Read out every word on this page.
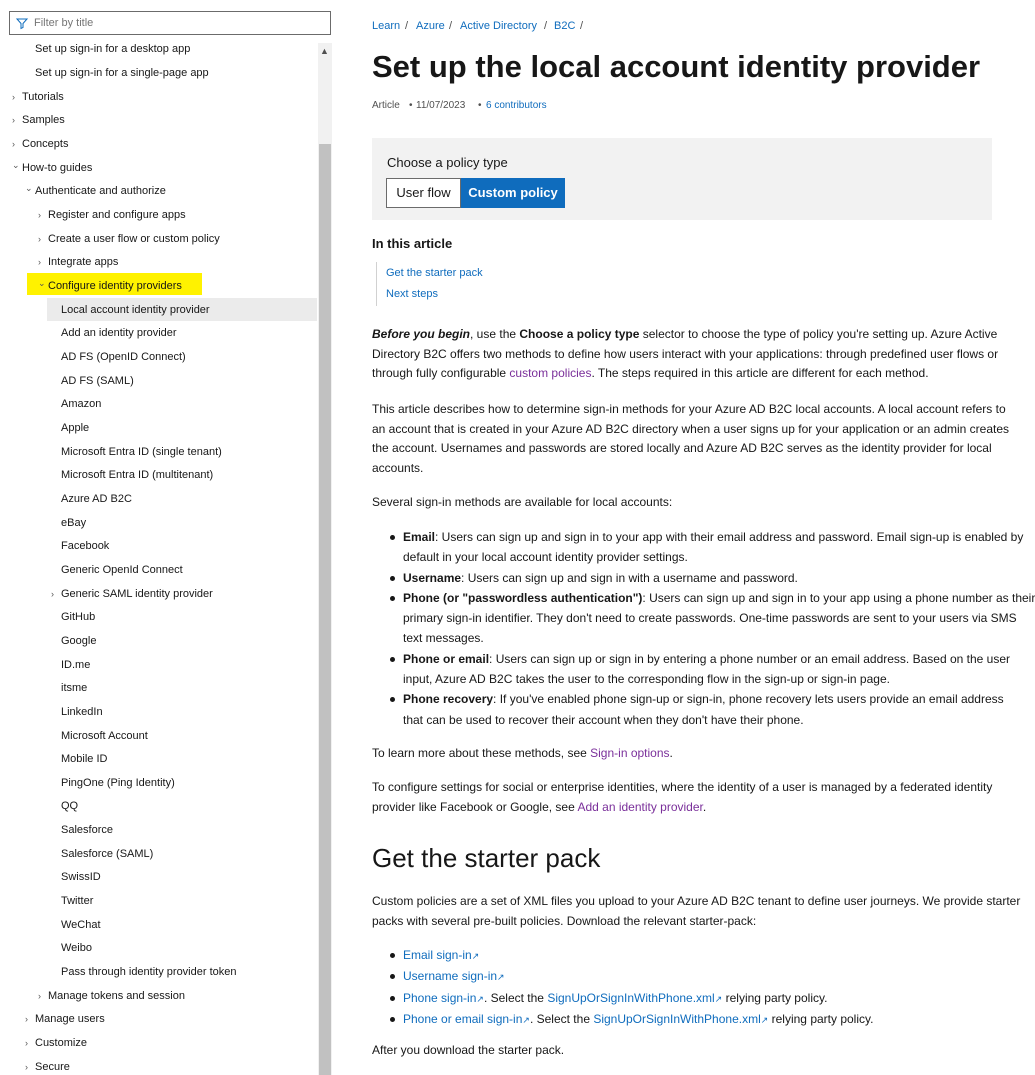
Filter by title
▲
Set up sign-in for a desktop app
Set up sign-in for a single-page app
› Tutorials
› Samples
› Concepts
⌄ How-to guides
⌄ Authenticate and authorize
› Register and configure apps
› Create a user flow or custom policy
› Integrate apps
⌄ Configure identity providers
Local account identity provider
Add an identity provider
AD FS (OpenID Connect)
AD FS (SAML)
Amazon
Apple
Microsoft Entra ID (single tenant)
Microsoft Entra ID (multitenant)
Azure AD B2C
eBay
Facebook
Generic OpenId Connect
› Generic SAML identity provider
GitHub
Google
ID.me
itsme
LinkedIn
Microsoft Account
Mobile ID
PingOne (Ping Identity)
QQ
Salesforce
Salesforce (SAML)
SwissID
Twitter
WeChat
Weibo
Pass through identity provider token
› Manage tokens and session
› Manage users
› Customize
› Secure
Learn / Azure / Active Directory / B2C /
Set up the local account identity provider
Article • 11/07/2023 • 6 contributors
Choose a policy type
User flow	Custom policy
In this article
Get the starter pack
Next steps
Before you begin, use the Choose a policy type selector to choose the type of policy you're setting up. Azure Active
Directory B2C offers two methods to define how users interact with your applications: through predefined user flows or
through fully configurable custom policies. The steps required in this article are different for each method.
This article describes how to determine sign-in methods for your Azure AD B2C local accounts. A local account refers to
an account that is created in your Azure AD B2C directory when a user signs up for your application or an admin creates
the account. Usernames and passwords are stored locally and Azure AD B2C serves as the identity provider for local
accounts.
Several sign-in methods are available for local accounts:
Email: Users can sign up and sign in to your app with their email address and password. Email sign-up is enabled by
default in your local account identity provider settings.
Username: Users can sign up and sign in with a username and password.
Phone (or "passwordless authentication"): Users can sign up and sign in to your app using a phone number as their
primary sign-in identifier. They don't need to create passwords. One-time passwords are sent to your users via SMS
text messages.
Phone or email: Users can sign up or sign in by entering a phone number or an email address. Based on the user
input, Azure AD B2C takes the user to the corresponding flow in the sign-up or sign-in page.
Phone recovery: If you've enabled phone sign-up or sign-in, phone recovery lets users provide an email address
that can be used to recover their account when they don't have their phone.
To learn more about these methods, see Sign-in options.
To configure settings for social or enterprise identities, where the identity of a user is managed by a federated identity
provider like Facebook or Google, see Add an identity provider.
Get the starter pack
Custom policies are a set of XML files you upload to your Azure AD B2C tenant to define user journeys. We provide starter
packs with several pre-built policies. Download the relevant starter-pack:
Email sign-in↗
Username sign-in↗
Phone sign-in↗. Select the SignUpOrSignInWithPhone.xml↗ relying party policy.
Phone or email sign-in↗. Select the SignUpOrSignInWithPhone.xml↗ relying party policy.
After you download the starter pack.
